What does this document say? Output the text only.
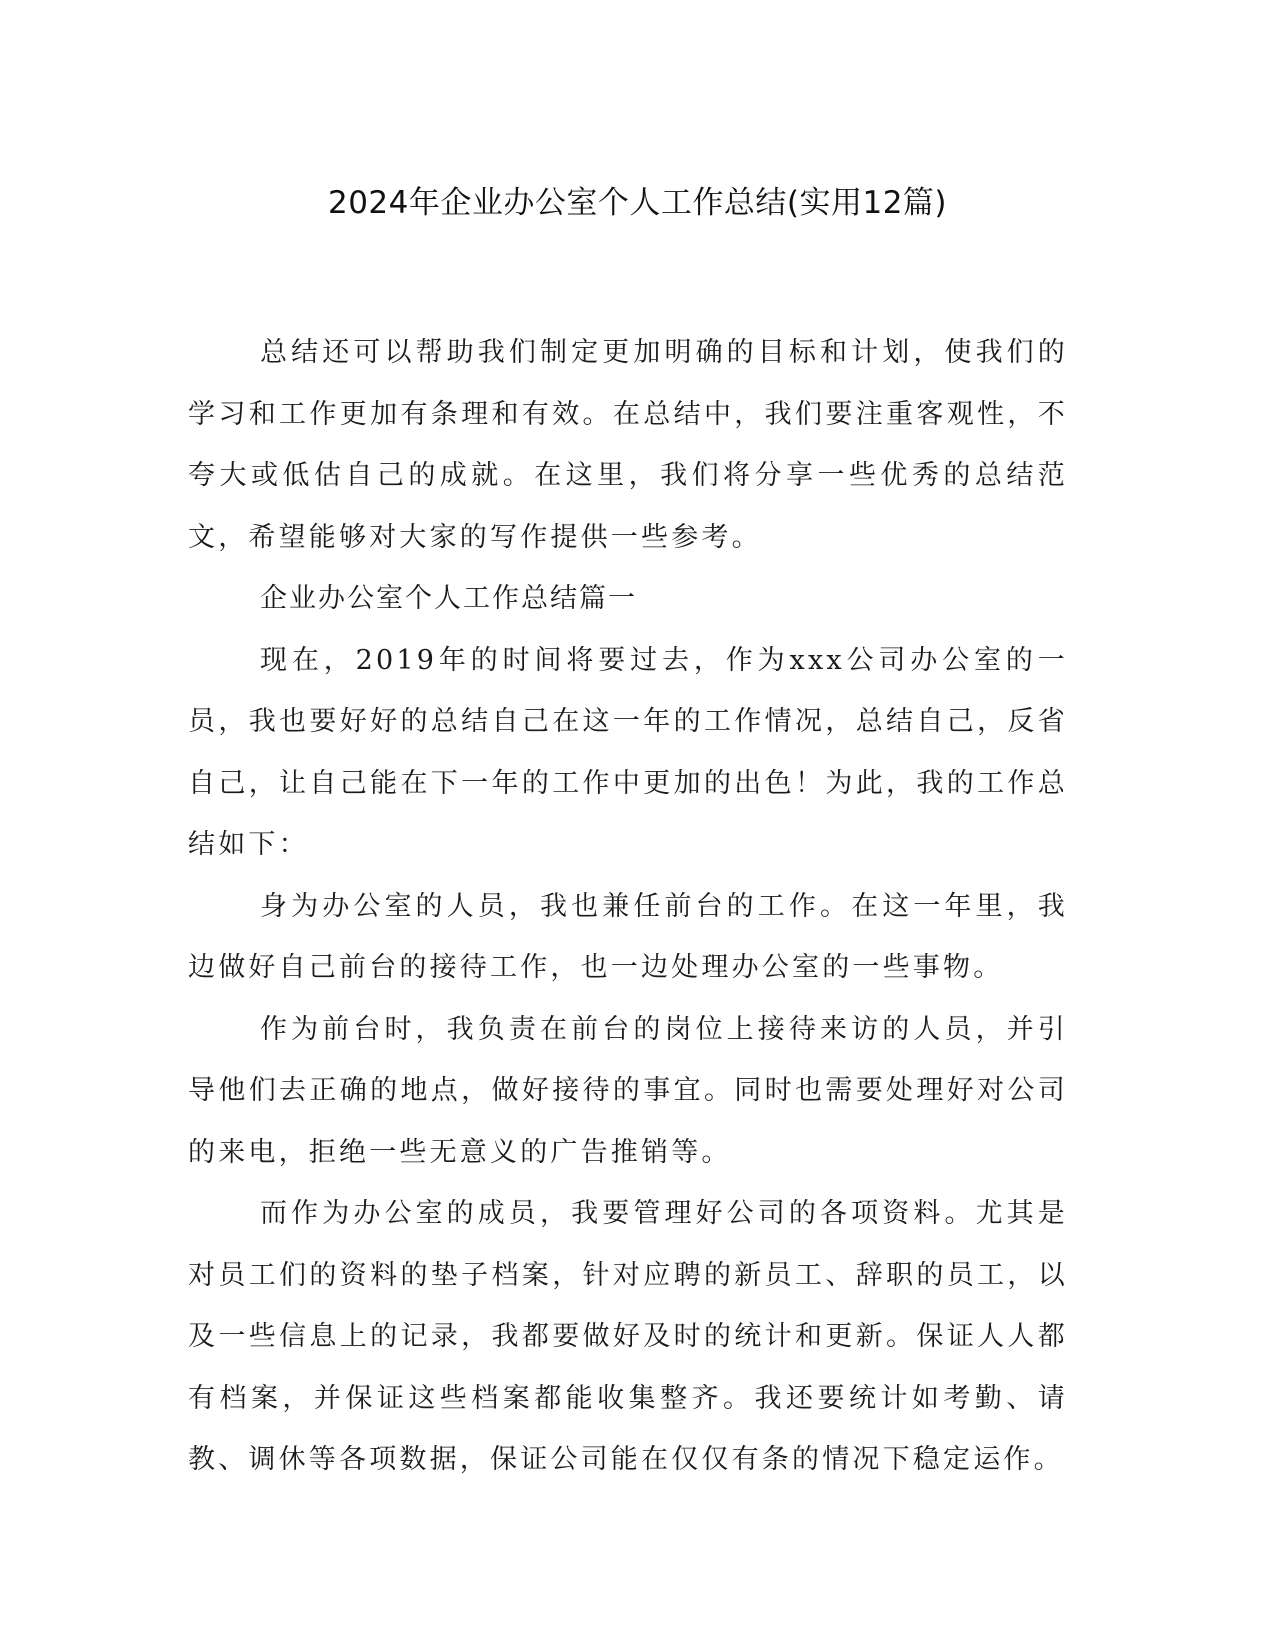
2024年企业办公室个人工作总结(实用12篇)

总结还可以帮助我们制定更加明确的目标和计划，使我们的学习和工作更加有条理和有效。在总结中，我们要注重客观性，不夸大或低估自己的成就。在这里，我们将分享一些优秀的总结范文，希望能够对大家的写作提供一些参考。

企业办公室个人工作总结篇一

现在，2019年的时间将要过去，作为xxx公司办公室的一员，我也要好好的总结自己在这一年的工作情况，总结自己，反省自己，让自己能在下一年的工作中更加的出色！为此，我的工作总结如下：

身为办公室的人员，我也兼任前台的工作。在这一年里，我边做好自己前台的接待工作，也一边处理办公室的一些事物。

作为前台时，我负责在前台的岗位上接待来访的人员，并引导他们去正确的地点，做好接待的事宜。同时也需要处理好对公司的来电，拒绝一些无意义的广告推销等。

而作为办公室的成员，我要管理好公司的各项资料。尤其是对员工们的资料的垫子档案，针对应聘的新员工、辞职的员工，以及一些信息上的记录，我都要做好及时的统计和更新。保证人人都有档案，并保证这些档案都能收集整齐。我还要统计如考勤、请教、调休等各项数据，保证公司能在仅仅有条的情况下稳定运作。
